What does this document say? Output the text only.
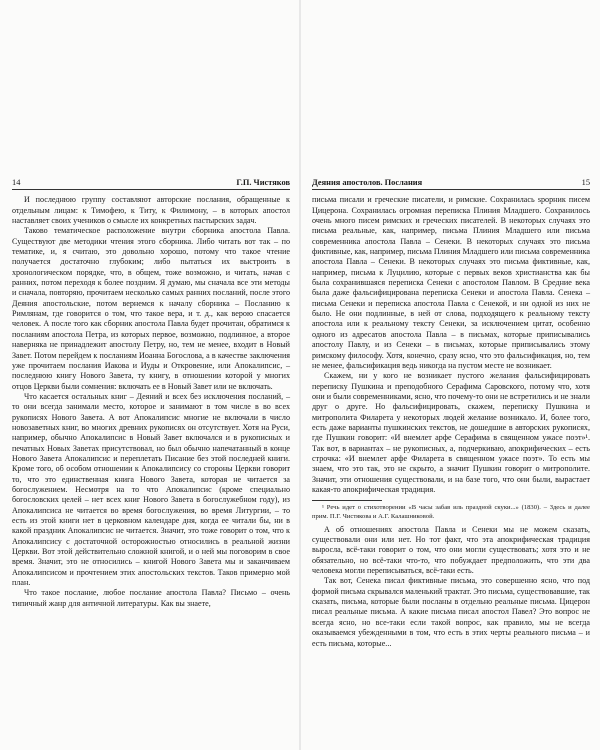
14	Г.П. Чистяков

И последнюю группу составляют авторские послания, обращенные к отдельным лицам: к Тимофею, к Титу, к Филимону, – в которых апостол наставляет своих учеников о смысле их конкретных пастырских задач.

Таково тематическое расположение внутри сборника апостола Павла. Существуют две методики чтения этого сборника. Либо читать вот так – по тематике, и, я считаю, это довольно хорошо, потому что такое чтение получается достаточно глубоким; либо пытаться их выстроить в хронологическом порядке, что, в общем, тоже возможно, и читать, начав с ранних, потом переходя к более поздним. Я думаю, мы сначала все эти методы и сначала, повторяю, прочитаем несколько самых ранних посланий, после этого Деяния апостольские, потом вернемся к началу сборника – Посланию к Римлянам, где говорится о том, что такое вера, и т. д., как верою спасается человек. А после того как сборник апостола Павла будет прочитан, обратимся к посланиям апостола Петра, из которых первое, возможно, подлинное, а второе наверняка не принадлежит апостолу Петру, но, тем не менее, входит в Новый Завет. Потом перейдем к посланиям Иоанна Богослова, а в качестве заключения уже прочитаем послания Иакова и Иуды и Откровение, или Апокалипсис, – последнюю книгу Нового Завета, ту книгу, в отношении которой у многих отцов Церкви были сомнения: включать ее в Новый Завет или не включать.

Что касается остальных книг – Деяний и всех без исключения посланий, – то они всегда занимали место, которое и занимают в том числе в во всех рукописях Нового Завета. А вот Апокалипсис многие не включали в число новозаветных книг, во многих древних рукописях он отсутствует. Хотя на Руси, например, обычно Апокалипсис в Новый Завет включался и в рукописных и печатных Новых Заветах присутствовал, но был обычно напечатанный в конце Нового Завета Апокалипсис и переплетать Писание без этой последней книги. Кроме того, об особом отношении к Апокалипсису со стороны Церкви говорит то, что это единственная книга Нового Завета, которая не читается за богослужением. Несмотря на то что Апокалипсис (кроме специально богословских целей – нет всех книг Нового Завета в богослужебном году), из Апокалипсиса не читается во время богослужения, во время Литургии, – то есть из этой книги нет в церковном календаре дня, когда ее читали бы, ни в какой праздник Апокалипсис не читается. Значит, это тоже говорит о том, что к Апокалипсису с достаточной осторожностью относились в реальной жизни Церкви. Вот этой действительно сложной книгой, и о ней мы поговорим в свое время. Значит, это не относились – книгой Нового Завета мы и заканчиваем Апокалипсисом и прочтением этих апостольских текстов. Таков примерно мой план.

Что такое послание, любое послание апостола Павла? Письмо – очень типичный жанр для античной литературы. Как вы знаете,

Деяния апостолов. Послания	15

письма писали и греческие писатели, и римские. Сохранилась spoрник писем Цицерона. Сохранилась огромная переписка Плиния Младшего. Сохранилось очень много писем римских и греческих писателей. В некоторых случаях это письма реальные, как, например, письма Плиния Младшего или письма современника апостола Павла – Сенеки. В некоторых случаях это письма фиктивные, как, например, письма Плиния Младшего или письма современника апостола Павла – Сенеки. В некоторых случаях это письма фиктивные, как, например, письма к Луцилию, которые с первых веков христианства как бы была сохранившаяся переписка Сенеки с апостолом Павлом. В Средние века была даже фальсифицирована переписка Сенеки и апостола Павла. Сенека – письма Сенеки и переписка апостола Павла с Сенекой, и ни одной из них не было. Не они подлинные, в ней от слова, подходящего к реальному тексту апостола или к реальному тексту Сенеки, за исключением цитат, особенно одного из адресатов апостола Павла – в письмах, которые приписывались апостолу Павлу, и из Сенеки – в письмах, которые приписывались этому римскому философу. Хотя, конечно, сразу ясно, что это фальсификация, но, тем не менее, фальсификация ведь никогда на пустом месте не возникает.

Скажем, ни у кого не возникает пустого желания фальсифицировать переписку Пушкина и преподобного Серафима Саровского, потому что, хотя они и были современниками, ясно, что почему-то они не встретились и не знали друг о друге. Но фальсифицировать, скажем, переписку Пушкина и митрополита Филарета у некоторых людей желание возникало. И, более того, есть даже варианты пушкинских текстов, не дошедшие в авторских рукописях, где Пушкин говорит: «И внемлет арфе Серафима в священном ужасе поэт»¹. Так вот, в вариантах – не рукописных, а, подчеркиваю, апокрифических – есть строчка: «И внемлет арфе Филарета в священном ужасе поэт». То есть мы знаем, что это так, это не скрыто, а значит Пушкин говорит о митрополите. Значит, эти отношения существовали, и на базе того, что они были, вырастает какая-то апокрифическая традиция.

¹ Речь идет о стихотворении «В часы забав иль праздной скуки...» (1830). – Здесь и далее прим. П.Г. Чистякова и А.Г. Калашниковой.

А об отношениях апостола Павла и Сенеки мы не можем сказать, существовали они или нет. Но тот факт, что эта апокрифическая традиция выросла, всё-таки говорит о том, что они могли существовать; хотя это и не обязательно, но всё-таки что-то, что побуждает предположить, что эти два человека могли переписываться, всё-таки есть.

Так вот, Сенека писал фиктивные письма, это совершенно ясно, что под формой письма скрывался маленький трактат. Это письма, существовавшие, так сказать, письма, которые были посланы в отдельно реальные письма. Цицерон писал реальные письма. А какие письма писал апостол Павел? Это вопрос не всегда ясно, но все-таки если такой вопрос, как правило, мы не всегда оказываемся убежденными в том, что есть в этих черты реального письма – и есть письма, которые...
